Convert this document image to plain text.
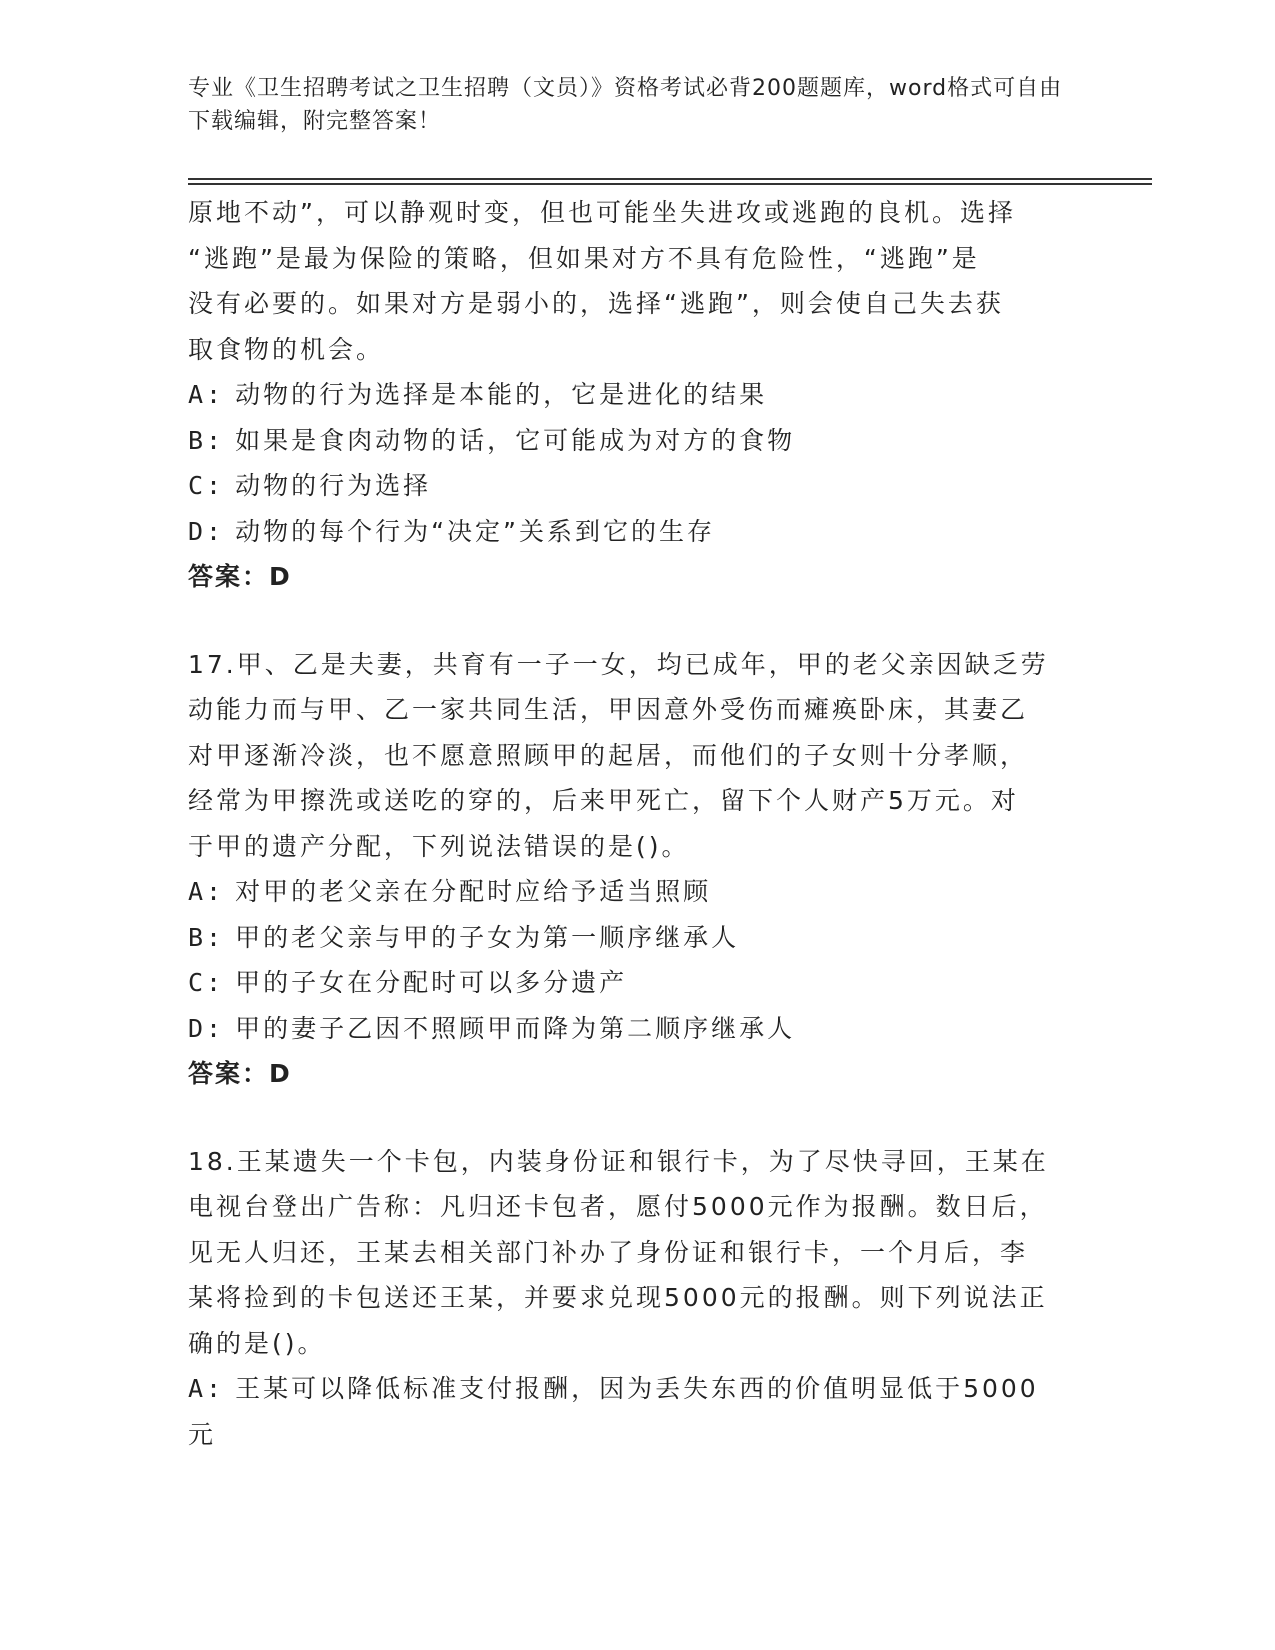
专业《卫生招聘考试之卫生招聘（文员）》资格考试必背200题题库，word格式可自由下载编辑，附完整答案！

原地不动”，可以静观时变，但也可能坐失进攻或逃跑的良机。选择

“逃跑”是最为保险的策略，但如果对方不具有危险性，“逃跑”是

没有必要的。如果对方是弱小的，选择“逃跑”，则会使自己失去获

取食物的机会。

A: 动物的行为选择是本能的，它是进化的结果

B: 如果是食肉动物的话，它可能成为对方的食物

C: 动物的行为选择

D: 动物的每个行为“决定”关系到它的生存

答案：D

17.甲、乙是夫妻，共育有一子一女，均已成年，甲的老父亲因缺乏劳

动能力而与甲、乙一家共同生活，甲因意外受伤而瘫痪卧床，其妻乙

对甲逐渐冷淡，也不愿意照顾甲的起居，而他们的子女则十分孝顺，

经常为甲擦洗或送吃的穿的，后来甲死亡，留下个人财产5万元。对

于甲的遗产分配，下列说法错误的是()。

A: 对甲的老父亲在分配时应给予适当照顾

B: 甲的老父亲与甲的子女为第一顺序继承人

C: 甲的子女在分配时可以多分遗产

D: 甲的妻子乙因不照顾甲而降为第二顺序继承人

答案：D

18.王某遗失一个卡包，内装身份证和银行卡，为了尽快寻回，王某在

电视台登出广告称：凡归还卡包者，愿付5000元作为报酬。数日后，

见无人归还，王某去相关部门补办了身份证和银行卡，一个月后，李

某将捡到的卡包送还王某，并要求兑现5000元的报酬。则下列说法正

确的是()。

A: 王某可以降低标准支付报酬，因为丢失东西的价值明显低于5000

元
